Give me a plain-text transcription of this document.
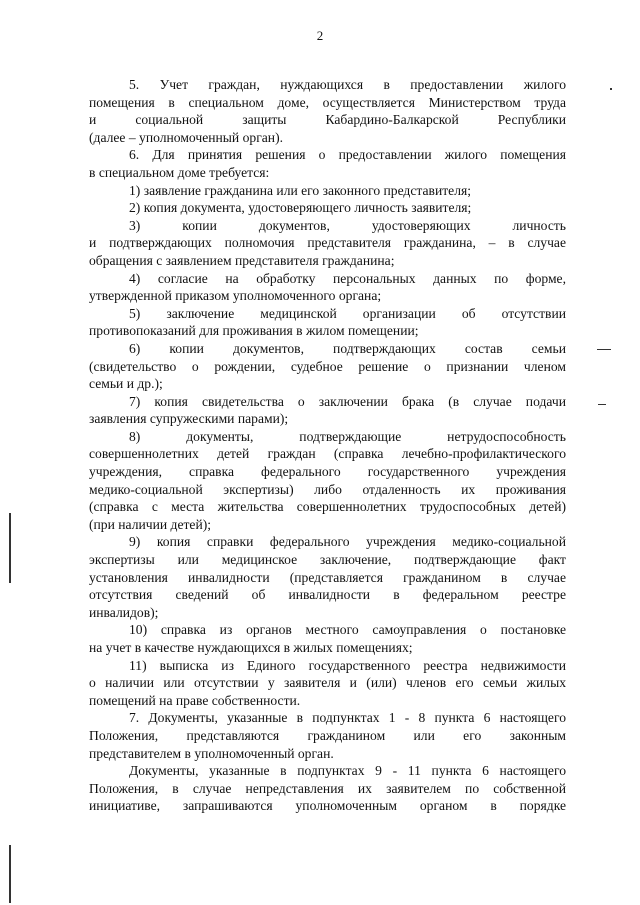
2
5. Учет граждан, нуждающихся в предоставлении жилого
помещения в специальном доме, осуществляется Министерством труда
и социальной защиты Кабардино-Балкарской Республики
(далее – уполномоченный орган).
6. Для принятия решения о предоставлении жилого помещения
в специальном доме требуется:
1) заявление гражданина или его законного представителя;
2) копия документа, удостоверяющего личность заявителя;
3) копии документов, удостоверяющих личность
и подтверждающих полномочия представителя гражданина, – в случае
обращения с заявлением представителя гражданина;
4) согласие на обработку персональных данных по форме,
утвержденной приказом уполномоченного органа;
5) заключение медицинской организации об отсутствии
противопоказаний для проживания в жилом помещении;
6) копии документов, подтверждающих состав семьи
(свидетельство о рождении, судебное решение о признании членом
семьи и др.);
7) копия свидетельства о заключении брака (в случае подачи
заявления супружескими парами);
8) документы, подтверждающие нетрудоспособность
совершеннолетних детей граждан (справка лечебно-профилактического
учреждения, справка федерального государственного учреждения
медико-социальной экспертизы) либо отдаленность их проживания
(справка с места жительства совершеннолетних трудоспособных детей)
(при наличии детей);
9) копия справки федерального учреждения медико-социальной
экспертизы или медицинское заключение, подтверждающие факт
установления инвалидности (представляется гражданином в случае
отсутствия сведений об инвалидности в федеральном реестре
инвалидов);
10) справка из органов местного самоуправления о постановке
на учет в качестве нуждающихся в жилых помещениях;
11) выписка из Единого государственного реестра недвижимости
о наличии или отсутствии у заявителя и (или) членов его семьи жилых
помещений на праве собственности.
7. Документы, указанные в подпунктах 1 - 8 пункта 6 настоящего
Положения, представляются гражданином или его законным
представителем в уполномоченный орган.
Документы, указанные в подпунктах 9 - 11 пункта 6 настоящего
Положения, в случае непредставления их заявителем по собственной
инициативе, запрашиваются уполномоченным органом в порядке
